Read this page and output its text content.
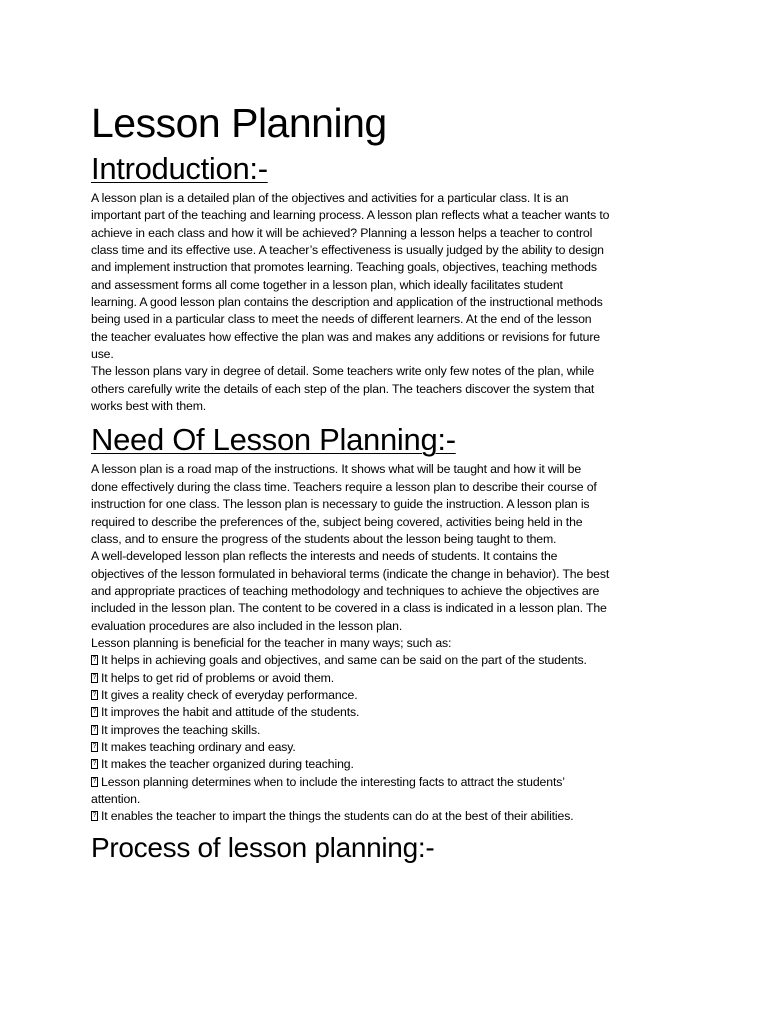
Lesson Planning
Introduction:-

A lesson plan is a detailed plan of the objectives and activities for a particular class. It is an important part of the teaching and learning process. A lesson plan reflects what a teacher wants to achieve in each class and how it will be achieved? Planning a lesson helps a teacher to control class time and its effective use. A teacher’s effectiveness is usually judged by the ability to design and implement instruction that promotes learning. Teaching goals, objectives, teaching methods and assessment forms all come together in a lesson plan, which ideally facilitates student learning. A good lesson plan contains the description and application of the instructional methods being used in a particular class to meet the needs of different learners. At the end of the lesson the teacher evaluates how effective the plan was and makes any additions or revisions for future use.

The lesson plans vary in degree of detail. Some teachers write only few notes of the plan, while others carefully write the details of each step of the plan. The teachers discover the system that works best with them.

Need Of Lesson Planning:-

A lesson plan is a road map of the instructions. It shows what will be taught and how it will be done effectively during the class time. Teachers require a lesson plan to describe their course of instruction for one class. The lesson plan is necessary to guide the instruction. A lesson plan is required to describe the preferences of the, subject being covered, activities being held in the class, and to ensure the progress of the students about the lesson being taught to them.

A well-developed lesson plan reflects the interests and needs of students. It contains the objectives of the lesson formulated in behavioral terms (indicate the change in behavior). The best and appropriate practices of teaching methodology and techniques to achieve the objectives are included in the lesson plan. The content to be covered in a class is indicated in a lesson plan. The evaluation procedures are also included in the lesson plan.

Lesson planning is beneficial for the teacher in many ways; such as:

?It helps in achieving goals and objectives, and same can be said on the part of the students.

?It helps to get rid of problems or avoid them.

?It gives a reality check of everyday performance.

?It improves the habit and attitude of the students.

?It improves the teaching skills.

?It makes teaching ordinary and easy.

?It makes the teacher organized during teaching.

?Lesson planning determines when to include the interesting facts to attract the students’ attention.

?It enables the teacher to impart the things the students can do at the best of their abilities.

Process of lesson planning:-
